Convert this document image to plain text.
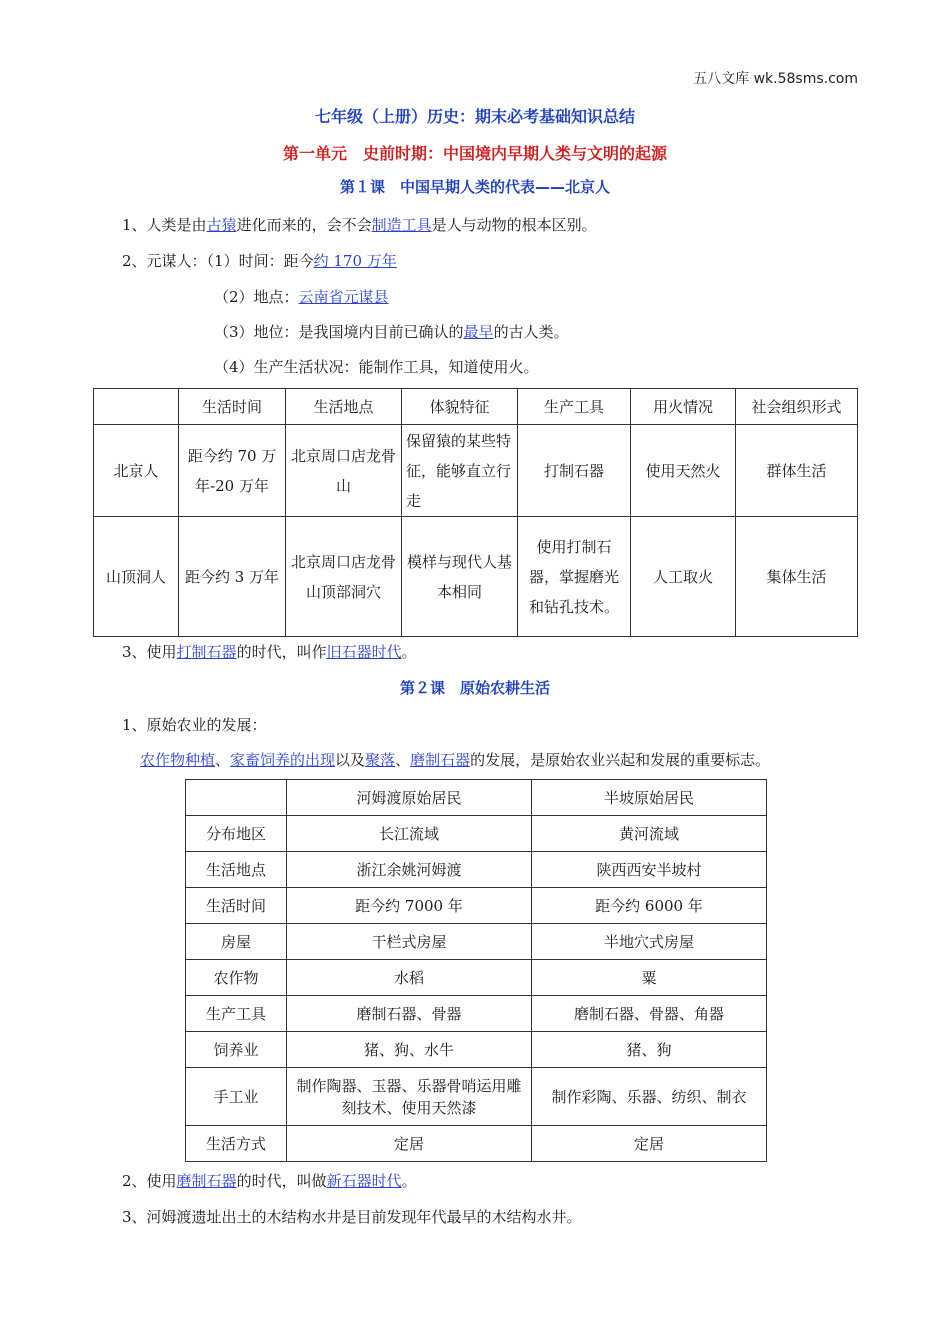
五八文库 wk.58sms.com
七年级（上册）历史：期末必考基础知识总结
第一单元　史前时期：中国境内早期人类与文明的起源
第１课　中国早期人类的代表——北京人
1、人类是由古猿进化而来的，会不会制造工具是人与动物的根本区别。
2、元谋人：（1）时间：距今约 170 万年
（2）地点：云南省元谋县
（3）地位：是我国境内目前已确认的最早的古人类。
（4）生产生活状况：能制作工具，知道使用火。
	生活时间	生活地点	体貌特征	生产工具	用火情况	社会组织形式
北京人	距今约 70 万年-20 万年	北京周口店龙骨山	保留猿的某些特征，能够直立行走	打制石器	使用天然火	群体生活
山顶洞人	距今约 3 万年	北京周口店龙骨山顶部洞穴	模样与现代人基本相同	使用打制石器，掌握磨光和钻孔技术。	人工取火	集体生活
3、使用打制石器的时代，叫作旧石器时代。
第２课　原始农耕生活
1、原始农业的发展：
农作物种植、家畜饲养的出现以及聚落、磨制石器的发展，是原始农业兴起和发展的重要标志。
	河姆渡原始居民	半坡原始居民
分布地区	长江流域	黄河流域
生活地点	浙江余姚河姆渡	陕西西安半坡村
生活时间	距今约 7000 年	距今约 6000 年
房屋	干栏式房屋	半地穴式房屋
农作物	水稻	粟
生产工具	磨制石器、骨器	磨制石器、骨器、角器
饲养业	猪、狗、水牛	猪、狗
手工业	制作陶器、玉器、乐器骨哨运用雕刻技术、使用天然漆	制作彩陶、乐器、纺织、制衣
生活方式	定居	定居
2、使用磨制石器的时代，叫做新石器时代。
3、河姆渡遗址出土的木结构水井是目前发现年代最早的木结构水井。
